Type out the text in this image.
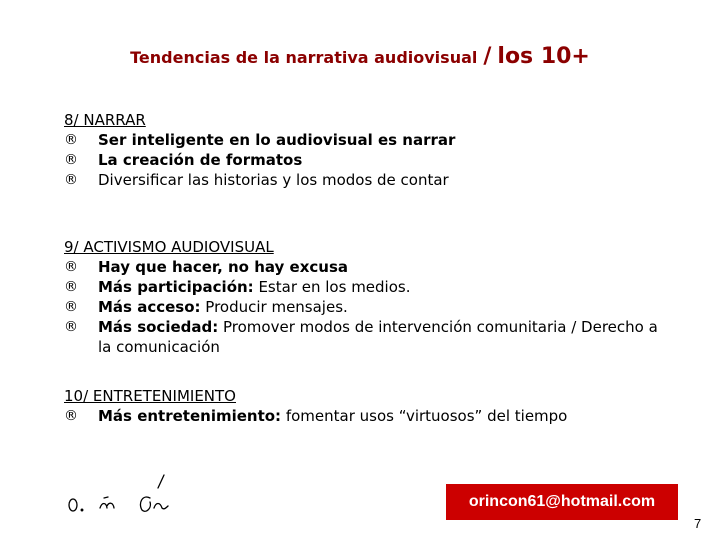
Tendencias de la narrativa audiovisual / los 10+
8/ NARRAR
®	Ser inteligente en lo audiovisual es narrar
®	La creación de formatos
®	Diversificar las historias y los modos de contar
9/ ACTIVISMO AUDIOVISUAL
®	Hay que hacer, no hay excusa
®	Más participación: Estar en los medios.
®	Más acceso: Producir mensajes.
®	Más sociedad: Promover modos de intervención comunitaria / Derecho a la comunicación
10/ ENTRETENIMIENTO
®	Más entretenimiento: fomentar usos “virtuosos” del tiempo
orincon61@hotmail.com
7
